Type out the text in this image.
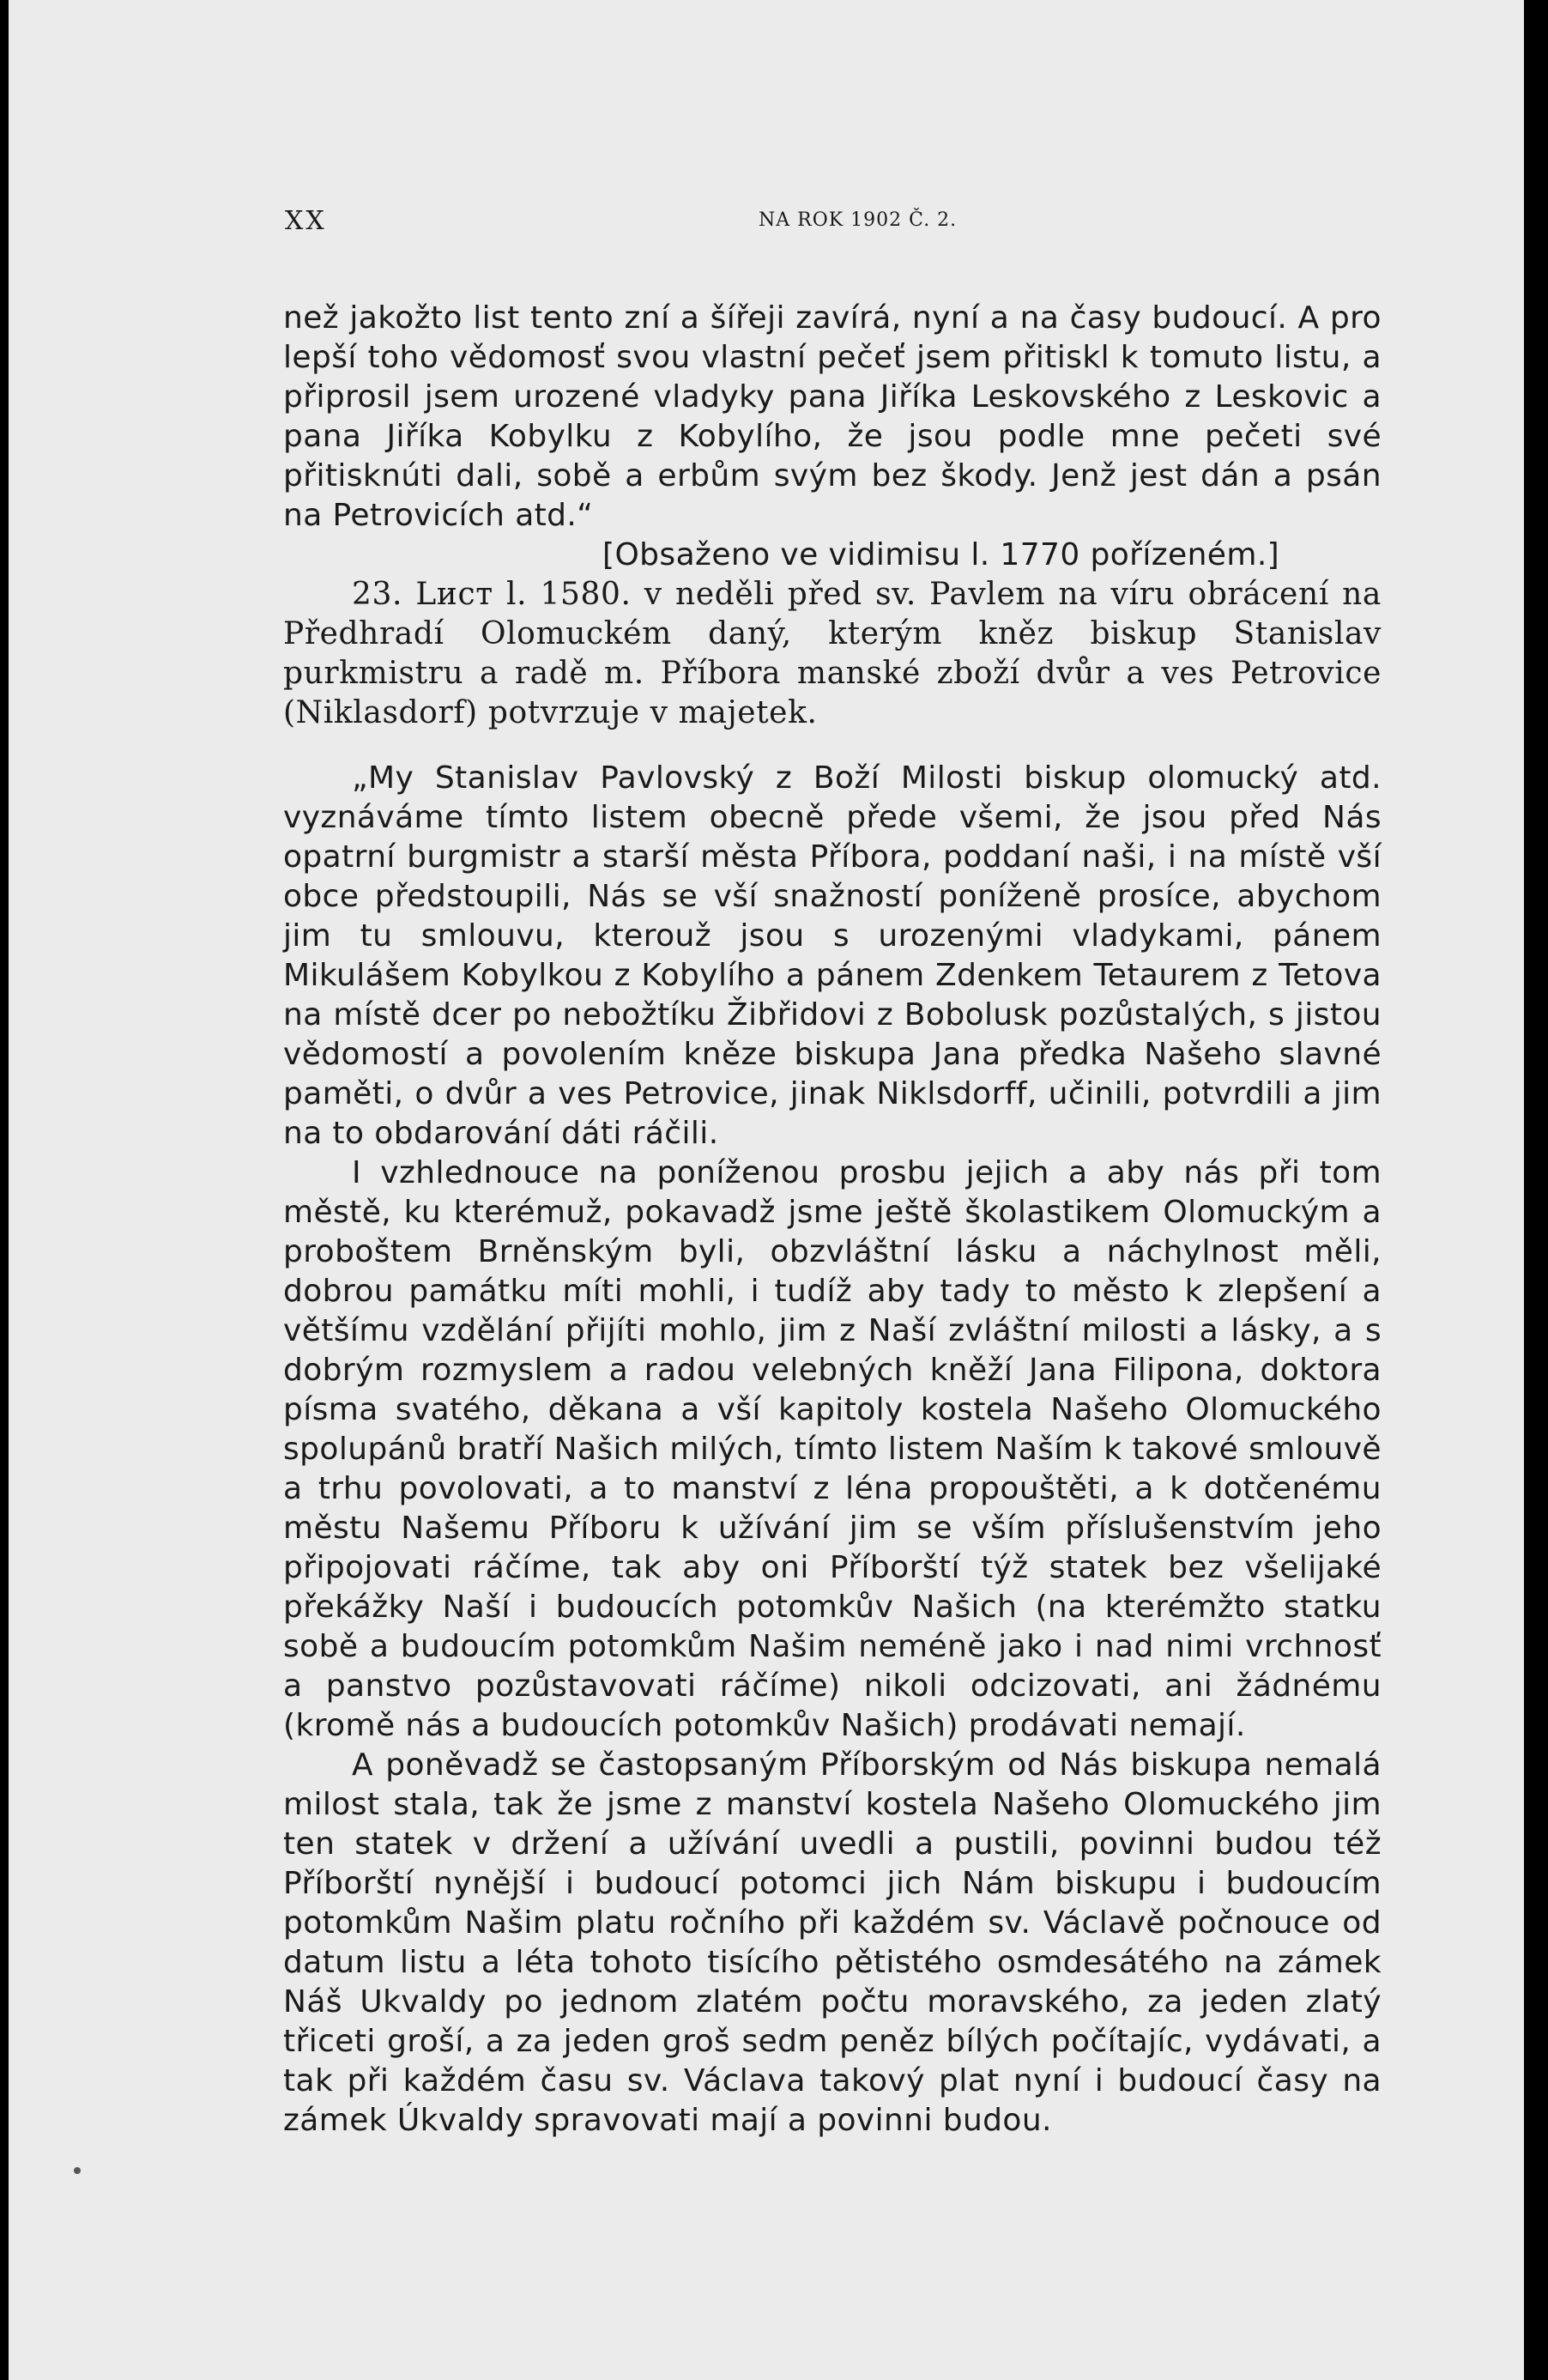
XX	NA ROK 1902 Č. 2.

než jakožto list tento zní a šířeji zavírá, nyní a na časy budoucí. A pro lepší toho vědomosť svou vlastní pečeť jsem přitiskl k tomuto listu, a připrosil jsem urozené vladyky pana Jiříka Leskovského z Leskovic a pana Jiříka Kobylku z Kobylího, že jsou podle mne pečeti své přitisknúti dali, sobě a erbům svým bez škody. Jenž jest dán a psán na Petrovicích atd.“

[Obsaženo ve vidimisu l. 1770 pořízeném.]

23. Lист l. 1580. v neděli před sv. Pavlem na víru obrácení na Předhradí Olomuckém daný, kterým kněz biskup Stanislav purkmistru a radě m. Příbora manské zboží dvůr a ves Petrovice (Niklasdorf) potvrzuje v majetek.

„My Stanislav Pavlovský z Boží Milosti biskup olomucký atd. vyznáváme tímto listem obecně přede všemi, že jsou před Nás opatrní burgmistr a starší města Příbora, poddaní naši, i na místě vší obce předstoupili, Nás se vší snažností poníženě prosíce, abychom jim tu smlouvu, kterouž jsou s urozenými vladykami, pánem Mikulášem Kobylkou z Kobylího a pánem Zdenkem Tetaurem z Tetova na místě dcer po nebožtíku Žibřidovi z Bobolusk pozůstalých, s jistou vědomostí a povolením kněze biskupa Jana předka Našeho slavné paměti, o dvůr a ves Petrovice, jinak Niklsdorff, učinili, potvrdili a jim na to obdarování dáti ráčili.

I vzhlednouce na poníženou prosbu jejich a aby nás při tom městě, ku kterémuž, pokavadž jsme ještě školastikem Olomuckým a proboštem Brněnským byli, obzvláštní lásku a náchylnost měli, dobrou památku míti mohli, i tudíž aby tady to město k zlepšení a většímu vzdělání přijíti mohlo, jim z Naší zvláštní milosti a lásky, a s dobrým rozmyslem a radou velebných kněží Jana Filipona, doktora písma svatého, děkana a vší kapitoly kostela Našeho Olomuckého spolupánů bratří Našich milých, tímto listem Naším k takové smlouvě a trhu povolovati, a to manství z léna propouštěti, a k dotčenému městu Našemu Příboru k užívání jim se vším příslušenstvím jeho připojovati ráčíme, tak aby oni Příborští týž statek bez všelijaké překážky Naší i budoucích potomkův Našich (na kterémžto statku sobě a budoucím potomkům Našim neméně jako i nad nimi vrchnosť a panstvo pozůstavovati ráčíme) nikoli odcizovati, ani žádnému (kromě nás a budoucích potomkův Našich) prodávati nemají.

A poněvadž se častopsaným Příborským od Nás biskupa nemalá milost stala, tak že jsme z manství kostela Našeho Olomuckého jim ten statek v držení a užívání uvedli a pustili, povinni budou též Příborští nynější i budoucí potomci jich Nám biskupu i budoucím potomkům Našim platu ročního při každém sv. Václavě počnouce od datum listu a léta tohoto tisícího pětistého osmdesátého na zámek Náš Ukvaldy po jednom zlatém počtu moravského, za jeden zlatý třiceti groší, a za jeden groš sedm peněz bílých počítajíc, vydávati, a tak při každém času sv. Václava takový plat nyní i budoucí časy na zámek Úkvaldy spravovati mají a povinni budou.
